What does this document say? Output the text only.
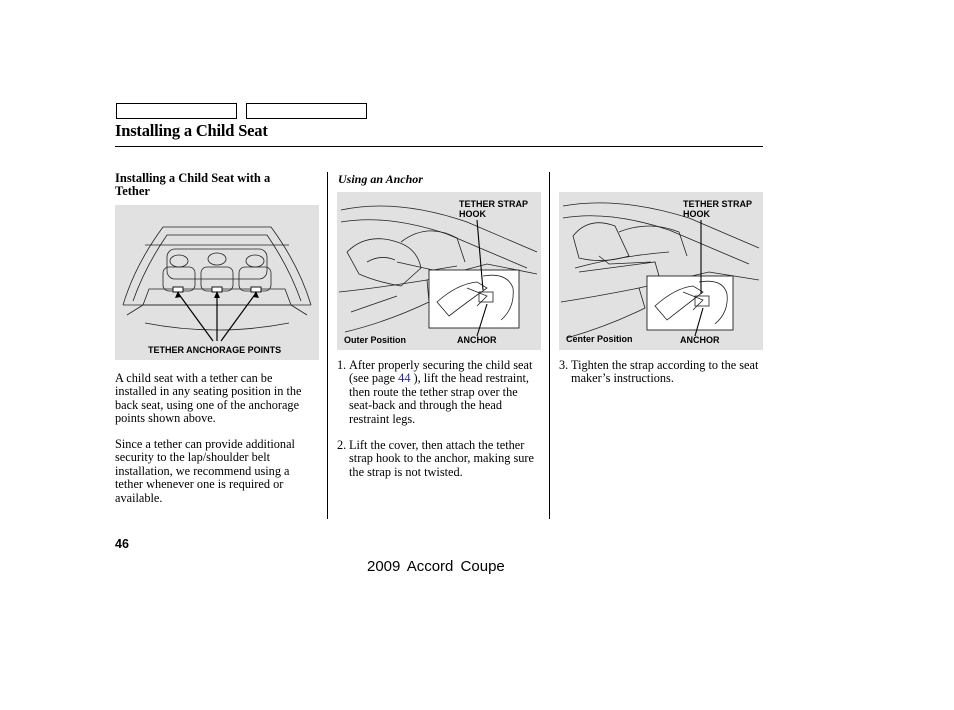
Installing a Child Seat
Installing a Child Seat with a Tether
TETHER ANCHORAGE POINTS
A child seat with a tether can be installed in any seating position in the back seat, using one of the anchorage points shown above.
Since a tether can provide additional security to the lap/shoulder belt installation, we recommend using a tether whenever one is required or available.
Using an Anchor
TETHER STRAP
HOOK
Outer Position	ANCHOR
1. After properly securing the child seat (see page 44 ), lift the head restraint, then route the tether strap over the seat-back and through the head restraint legs.
2. Lift the cover, then attach the tether strap hook to the anchor, making sure the strap is not twisted.
TETHER STRAP
HOOK
Center Position	ANCHOR
3. Tighten the strap according to the seat maker’s instructions.
46
2009 Accord Coupe
